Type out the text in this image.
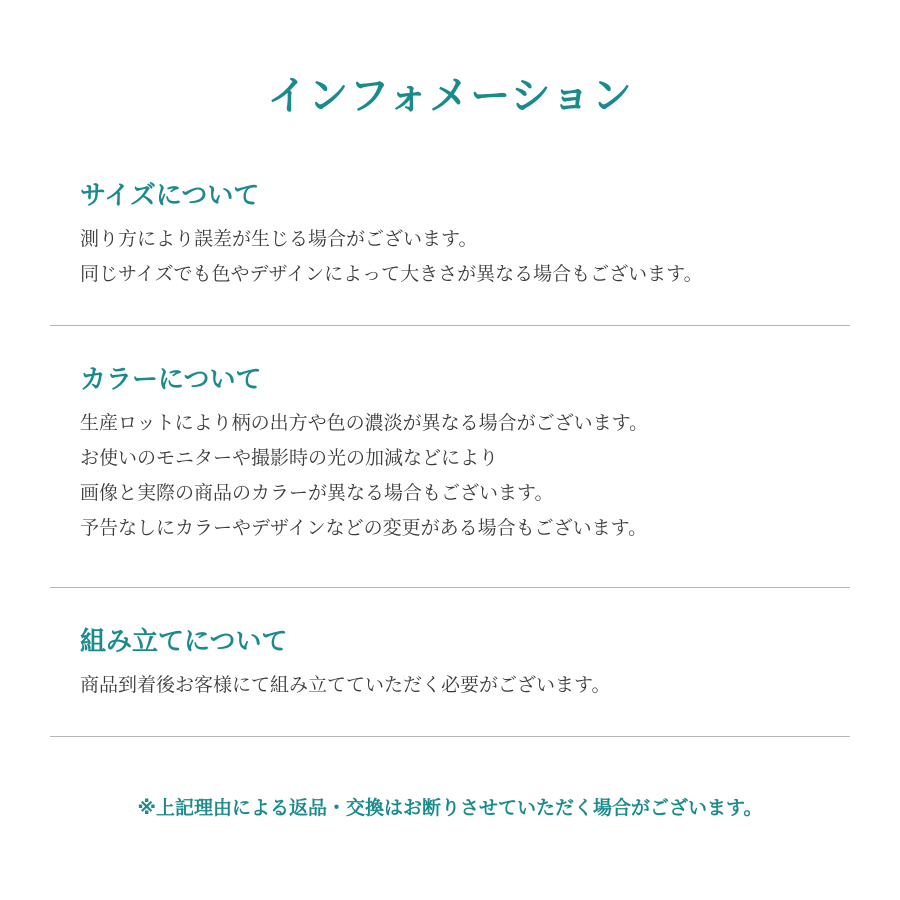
インフォメーション
サイズについて
測り方により誤差が生じる場合がございます。
同じサイズでも色やデザインによって大きさが異なる場合もございます。
カラーについて
生産ロットにより柄の出方や色の濃淡が異なる場合がございます。
お使いのモニターや撮影時の光の加減などにより
画像と実際の商品のカラーが異なる場合もございます。
予告なしにカラーやデザインなどの変更がある場合もございます。
組み立てについて
商品到着後お客様にて組み立てていただく必要がございます。
※上記理由による返品・交換はお断りさせていただく場合がございます。
